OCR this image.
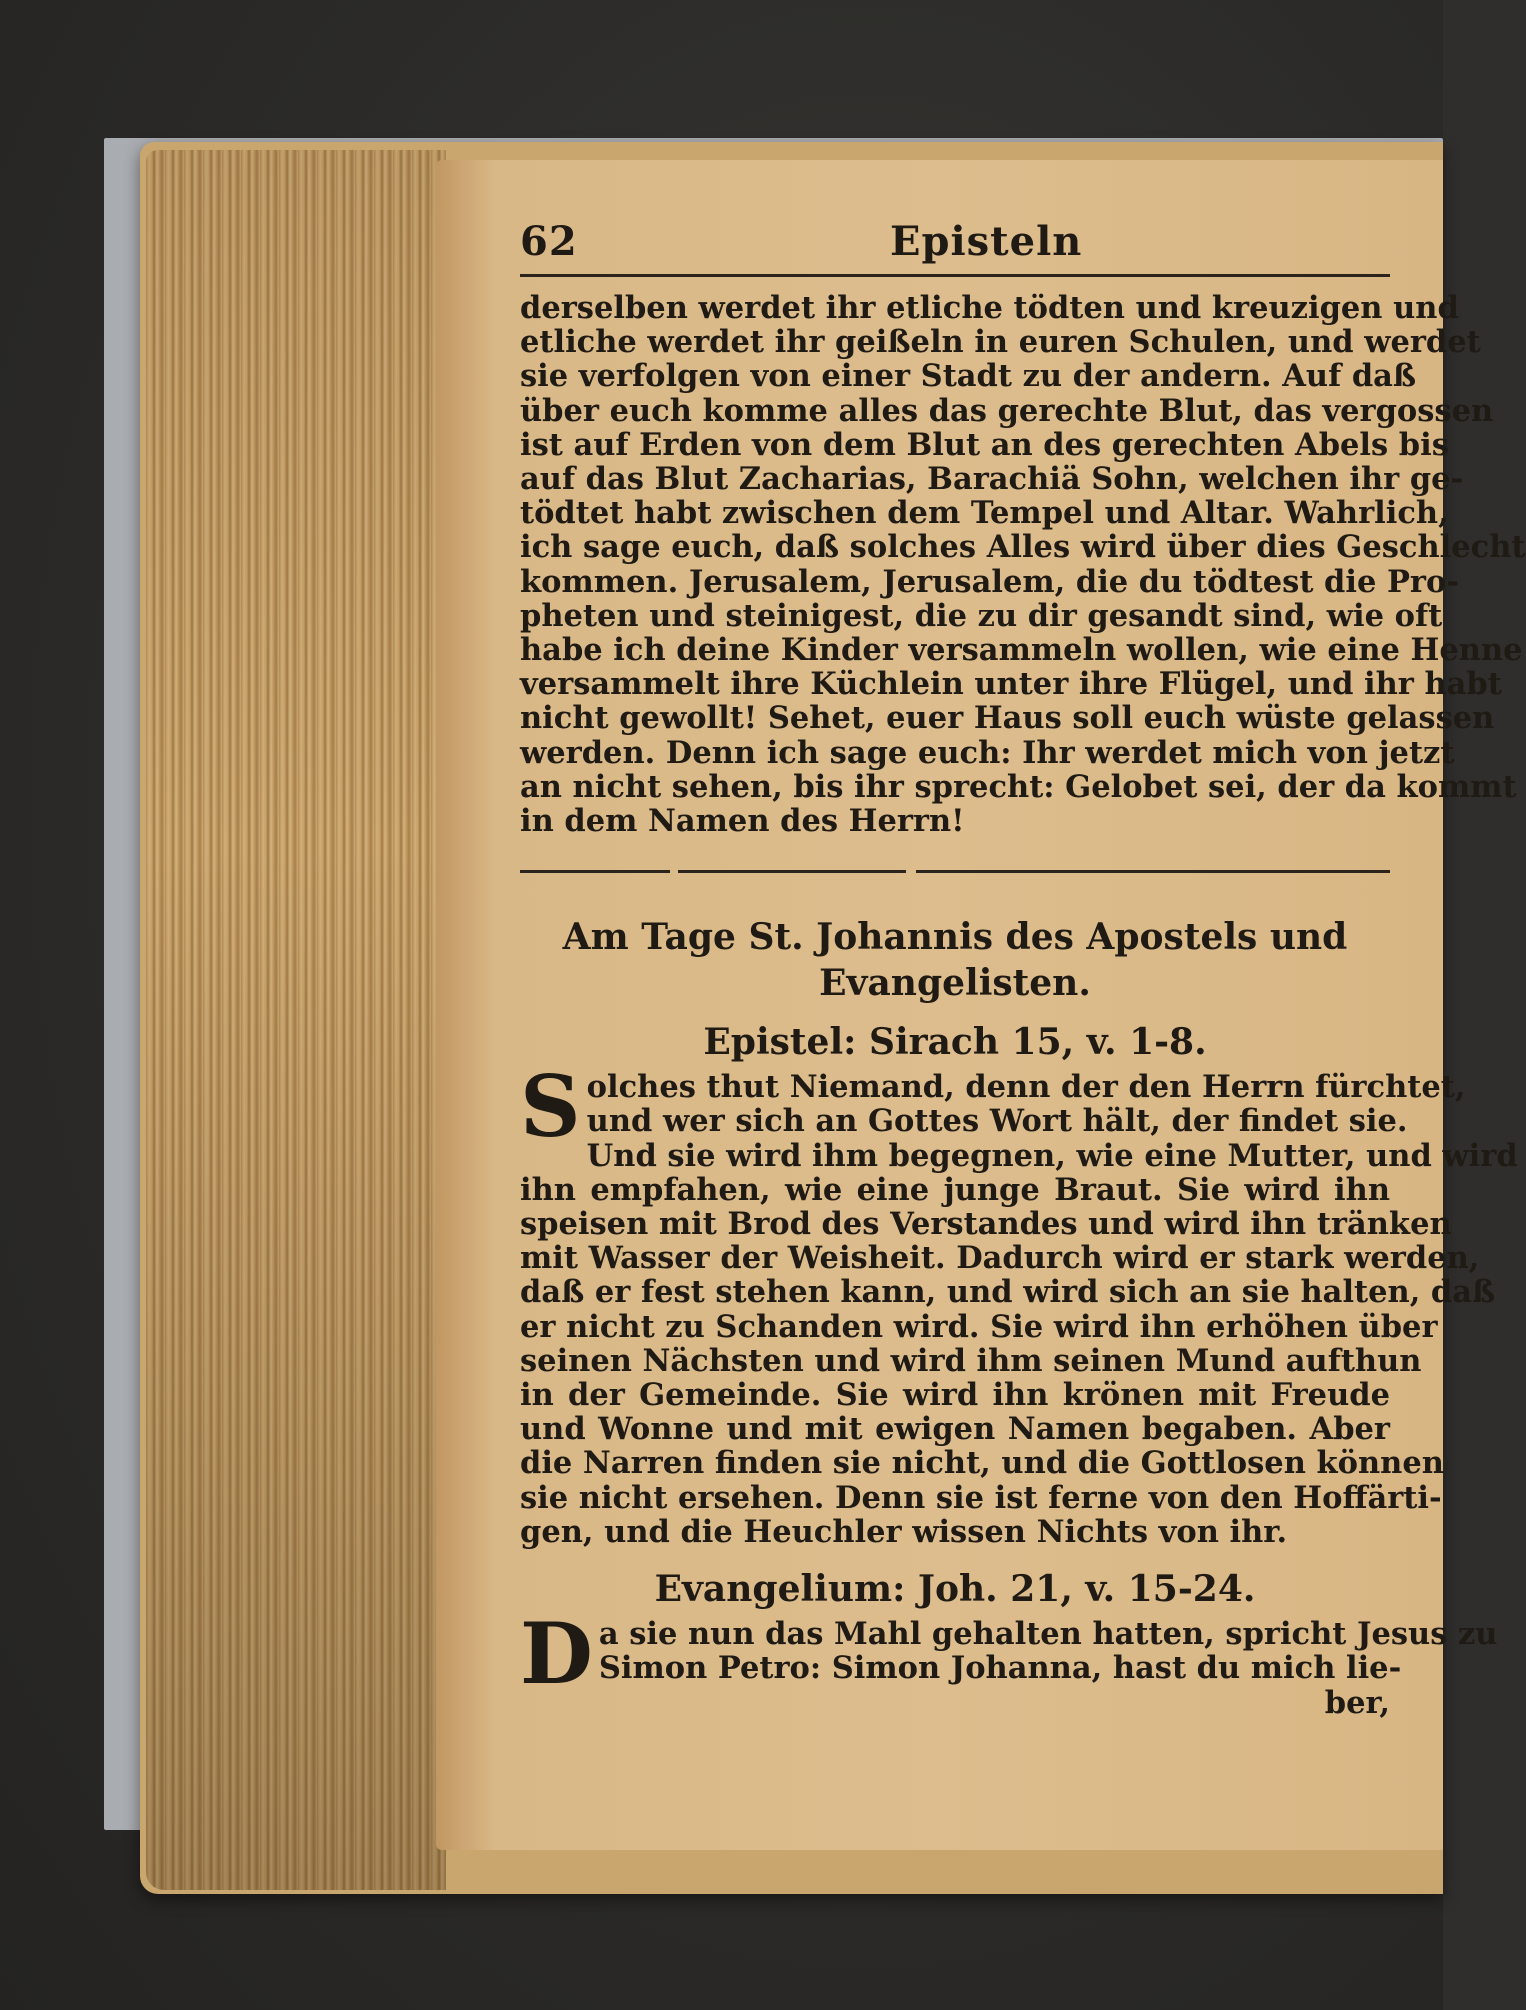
62	Episteln
derselben werdet ihr etliche tödten und kreuzigen und
etliche werdet ihr geißeln in euren Schulen, und werdet
sie verfolgen von einer Stadt zu der andern. Auf daß
über euch komme alles das gerechte Blut, das vergossen
ist auf Erden von dem Blut an des gerechten Abels bis
auf das Blut Zacharias, Barachiä Sohn, welchen ihr ge-
tödtet habt zwischen dem Tempel und Altar. Wahrlich,
ich sage euch, daß solches Alles wird über dies Geschlecht
kommen. Jerusalem, Jerusalem, die du tödtest die Pro-
pheten und steinigest, die zu dir gesandt sind, wie oft
habe ich deine Kinder versammeln wollen, wie eine Henne
versammelt ihre Küchlein unter ihre Flügel, und ihr habt
nicht gewollt! Sehet, euer Haus soll euch wüste gelassen
werden. Denn ich sage euch: Ihr werdet mich von jetzt
an nicht sehen, bis ihr sprecht: Gelobet sei, der da kommt
in dem Namen des Herrn!
Am Tage St. Johannis des Apostels und
Evangelisten.
Epistel: Sirach 15, v. 1-8.
S olches thut Niemand, denn der den Herrn fürchtet,
und wer sich an Gottes Wort hält, der findet sie.
Und sie wird ihm begegnen, wie eine Mutter, und wird
ihn empfahen, wie eine junge Braut. Sie wird ihn
speisen mit Brod des Verstandes und wird ihn tränken
mit Wasser der Weisheit. Dadurch wird er stark werden,
daß er fest stehen kann, und wird sich an sie halten, daß
er nicht zu Schanden wird. Sie wird ihn erhöhen über
seinen Nächsten und wird ihm seinen Mund aufthun
in der Gemeinde. Sie wird ihn krönen mit Freude
und Wonne und mit ewigen Namen begaben. Aber
die Narren finden sie nicht, und die Gottlosen können
sie nicht ersehen. Denn sie ist ferne von den Hoffärti-
gen, und die Heuchler wissen Nichts von ihr.
Evangelium: Joh. 21, v. 15-24.
D a sie nun das Mahl gehalten hatten, spricht Jesus zu
Simon Petro: Simon Johanna, hast du mich lie-
ber,
